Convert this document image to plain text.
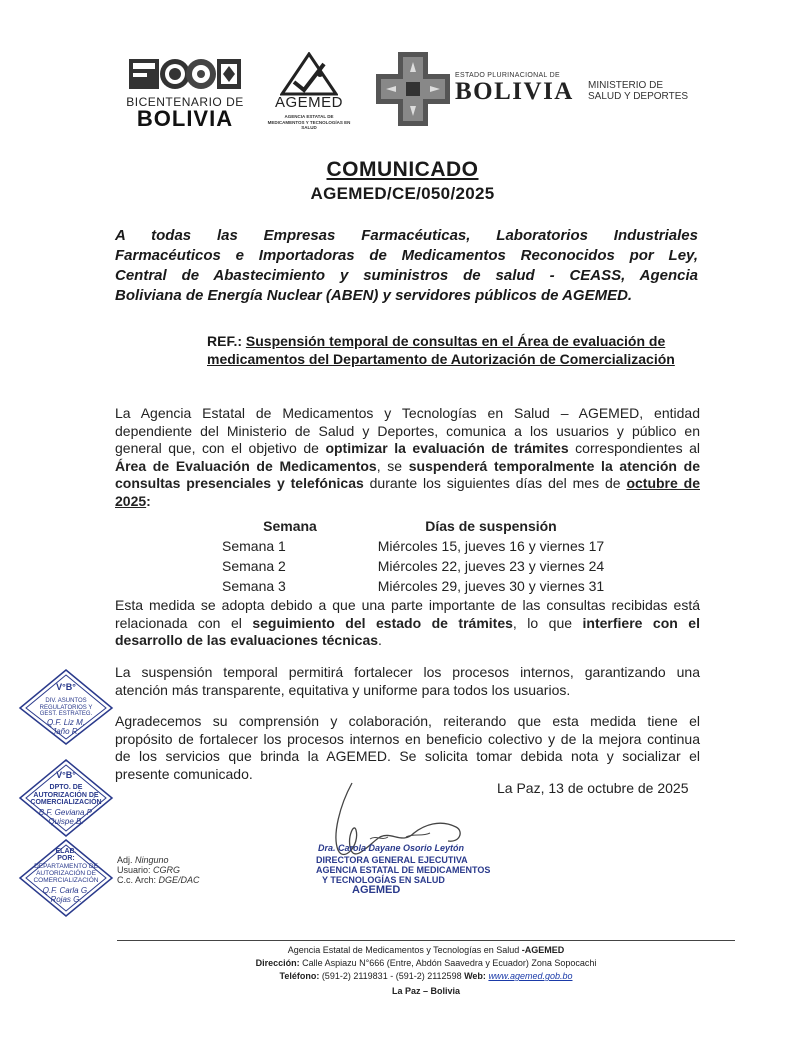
BICENTENARIO DE
BOLIVIA
AGEMED
AGENCIA ESTATAL DE MEDICAMENTOS Y TECNOLOGÍAS EN SALUD
ESTADO PLURINACIONAL DE
BOLIVIA MINISTERIO DE
SALUD Y DEPORTES
COMUNICADO
AGEMED/CE/050/2025
A todas las Empresas Farmacéuticas, Laboratorios Industriales
Farmacéuticos e Importadoras de Medicamentos Reconocidos por Ley,
Central de Abastecimiento y suministros de salud - CEASS, Agencia
Boliviana de Energía Nuclear (ABEN) y servidores públicos de AGEMED.
REF.: Suspensión temporal de consultas en el Área de evaluación de
medicamentos del Departamento de Autorización de Comercialización
La Agencia Estatal de Medicamentos y Tecnologías en Salud – AGEMED, entidad
dependiente del Ministerio de Salud y Deportes, comunica a los usuarios y público en
general que, con el objetivo de optimizar la evaluación de trámites correspondientes al
Área de Evaluación de Medicamentos, se suspenderá temporalmente la atención de
consultas presenciales y telefónicas durante los siguientes días del mes de octubre de
2025:
Semana	Días de suspensión
Semana 1	Miércoles 15, jueves 16 y viernes 17
Semana 2	Miércoles 22, jueves 23 y viernes 24
Semana 3	Miércoles 29, jueves 30 y viernes 31
Esta medida se adopta debido a que una parte importante de las consultas recibidas está
relacionada con el seguimiento del estado de trámites, lo que interfiere con el
desarrollo de las evaluaciones técnicas.
La suspensión temporal permitirá fortalecer los procesos internos, garantizando una
atención más transparente, equitativa y uniforme para todos los usuarios.
Agradecemos su comprensión y colaboración, reiterando que esta medida tiene el
propósito de fortalecer los procesos internos en beneficio colectivo y de la mejora continua
de los servicios que brinda la AGEMED. Se solicita tomar debida nota y socializar el
presente comunicado.
La Paz, 13 de octubre de 2025
V°B°
DIV. ASUNTOS
REGULATORIOS Y
GEST. ESTRATEG.
Q.F. Liz M.
Jaño R.
V°B°
DPTO. DE
AUTORIZACIÓN DE
COMERCIALIZACIÓN
B.F. Geviana P.
Quispe B.
ELAB.
POR:
DEPARTAMENTO DE
AUTORIZACIÓN DE
COMERCIALIZACIÓN
Q.F. Carla G.
Rojas G.
Adj. Ninguno
Usuario: CGRG
C.c. Arch: DGE/DAC
Dra. Carola Dayane Osorio Leytón
DIRECTORA GENERAL EJECUTIVA
AGENCIA ESTATAL DE MEDICAMENTOS
Y TECNOLOGÍAS EN SALUD
AGEMED
Agencia Estatal de Medicamentos y Tecnologías en Salud -AGEMED
Dirección: Calle Aspiazu N°666 (Entre, Abdón Saavedra y Ecuador) Zona Sopocachi
Teléfono: (591-2) 2119831 - (591-2) 2112598 Web: www.agemed.gob.bo
La Paz – Bolivia
